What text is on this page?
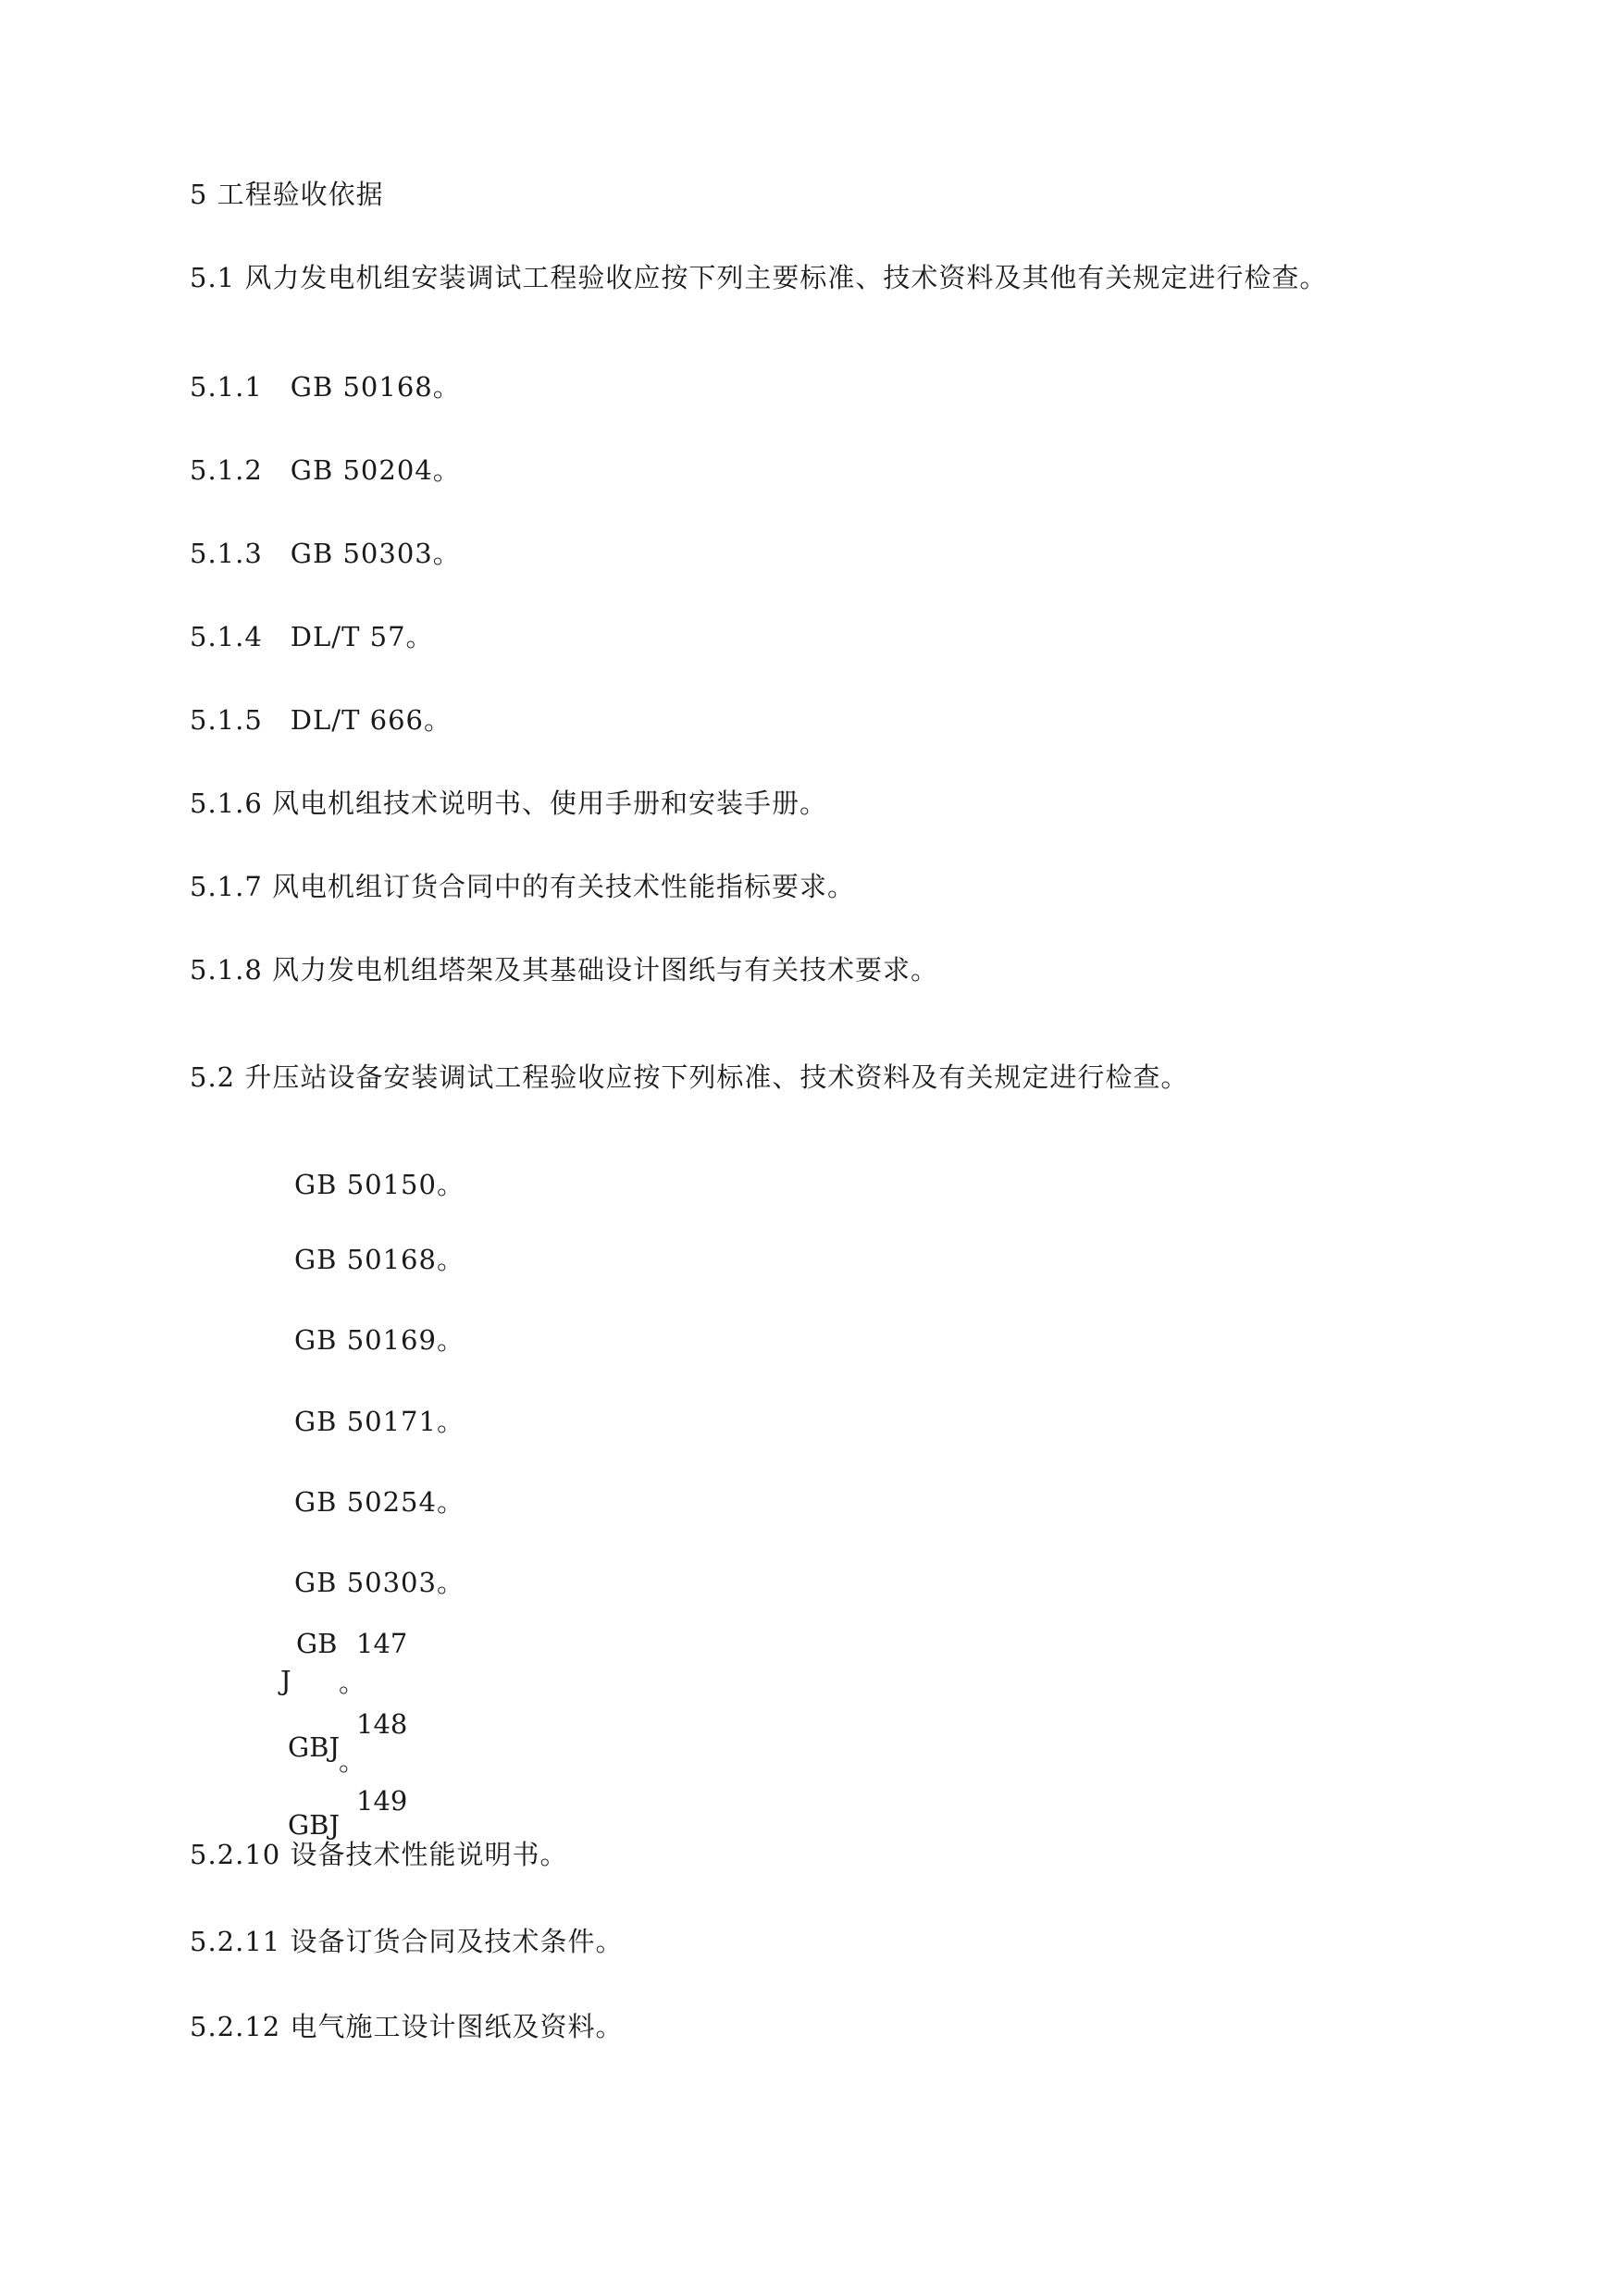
5 工程验收依据
5.1 风力发电机组安装调试工程验收应按下列主要标准、技术资料及其他有关规定进行检查。
5.1.1　GB 50168。
5.1.2　GB 50204。
5.1.3　GB 50303。
5.1.4　DL/T 57。
5.1.5　DL/T 666。
5.1.6 风电机组技术说明书、使用手册和安装手册。
5.1.7 风电机组订货合同中的有关技术性能指标要求。
5.1.8 风力发电机组塔架及其基础设计图纸与有关技术要求。
5.2 升压站设备安装调试工程验收应按下列标准、技术资料及有关规定进行检查。
GB 50150。
GB 50168。
GB 50169。
GB 50171。
GB 50254。
GB 50303。
GB 147
J 。
148
GBJ
。
149
GBJ
5.2.10 设备技术性能说明书。
5.2.11 设备订货合同及技术条件。
5.2.12 电气施工设计图纸及资料。
